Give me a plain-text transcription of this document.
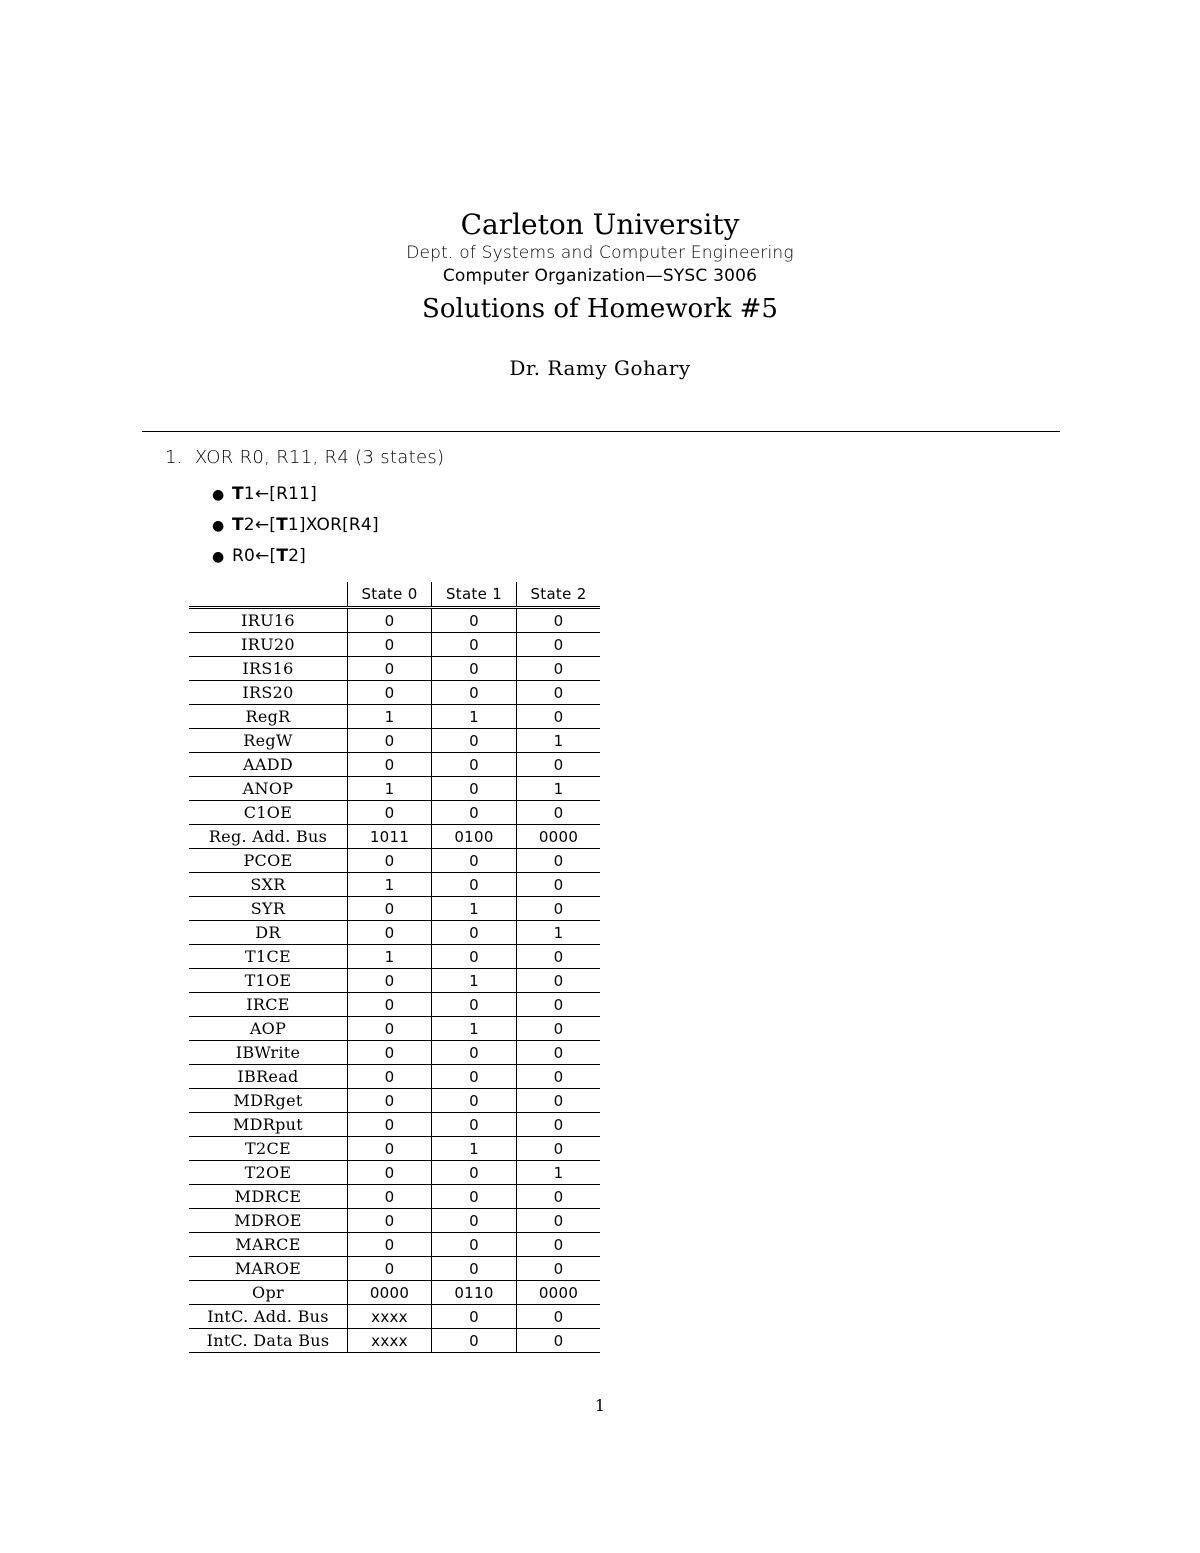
Carleton University
Dept. of Systems and Computer Engineering
Computer Organization—SYSC 3006
Solutions of Homework #5
Dr. Ramy Gohary
1. XOR R0, R11, R4 (3 states)
● T1←[R11]
● T2←[T1]XOR[R4]
● R0←[T2]
	State 0	State 1	State 2
IRU16	0	0	0
IRU20	0	0	0
IRS16	0	0	0
IRS20	0	0	0
RegR	1	1	0
RegW	0	0	1
AADD	0	0	0
ANOP	1	0	1
C1OE	0	0	0
Reg. Add. Bus	1011	0100	0000
PCOE	0	0	0
SXR	1	0	0
SYR	0	1	0
DR	0	0	1
T1CE	1	0	0
T1OE	0	1	0
IRCE	0	0	0
AOP	0	1	0
IBWrite	0	0	0
IBRead	0	0	0
MDRget	0	0	0
MDRput	0	0	0
T2CE	0	1	0
T2OE	0	0	1
MDRCE	0	0	0
MDROE	0	0	0
MARCE	0	0	0
MAROE	0	0	0
Opr	0000	0110	0000
IntC. Add. Bus	xxxx	0	0
IntC. Data Bus	xxxx	0	0
1
